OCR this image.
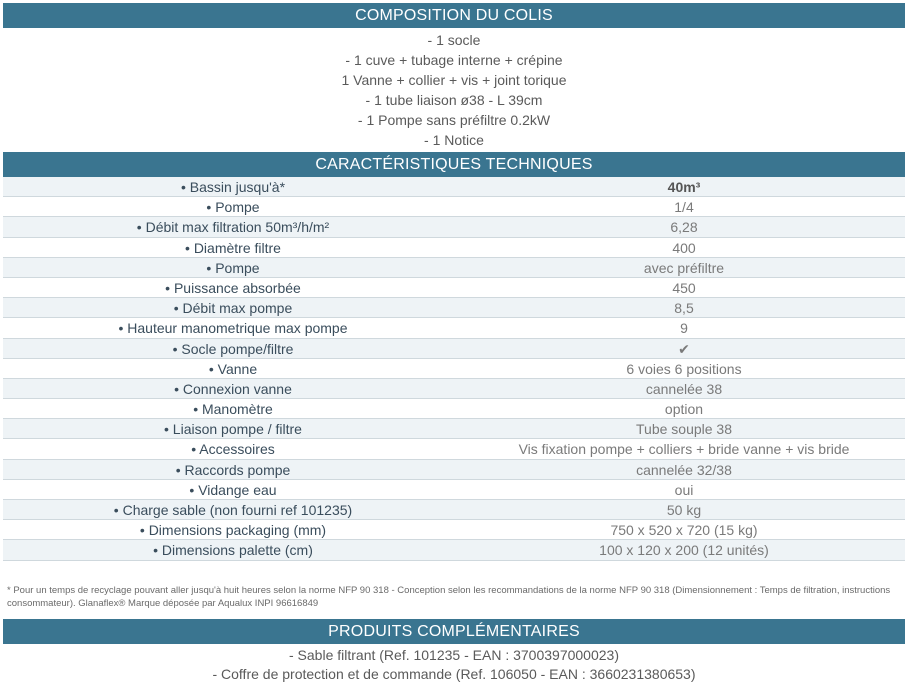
COMPOSITION DU COLIS
- 1 socle
- 1 cuve + tubage interne + crépine
1 Vanne + collier + vis + joint torique
- 1 tube liaison ø38 - L 39cm
- 1 Pompe sans préfiltre 0.2kW
- 1 Notice
CARACTÉRISTIQUES TECHNIQUES
• Bassin jusqu'à*	40m³
• Pompe	1/4
• Débit max filtration 50m³/h/m²	6,28
• Diamètre filtre	400
• Pompe	avec préfiltre
• Puissance absorbée	450
• Débit max pompe	8,5
• Hauteur manometrique max pompe	9
• Socle pompe/filtre	✔
• Vanne	6 voies 6 positions
• Connexion vanne	cannelée 38
• Manomètre	option
• Liaison pompe / filtre	Tube souple 38
• Accessoires	Vis fixation pompe + colliers + bride vanne + vis bride
• Raccords pompe	cannelée 32/38
• Vidange eau	oui
• Charge sable (non fourni ref 101235)	50 kg
• Dimensions packaging (mm)	750 x 520 x 720 (15 kg)
• Dimensions palette (cm)	100 x 120 x 200 (12 unités)
* Pour un temps de recyclage pouvant aller jusqu'à huit heures selon la norme NFP 90 318 - Conception selon les recommandations de la norme NFP 90 318 (Dimensionnement : Temps de filtration, instructions consommateur). Glanaflex® Marque déposée par Aqualux INPI 96616849
PRODUITS COMPLÉMENTAIRES
- Sable filtrant (Ref. 101235 - EAN : 3700397000023)
- Coffre de protection et de commande (Ref. 106050 - EAN : 3660231380653)
